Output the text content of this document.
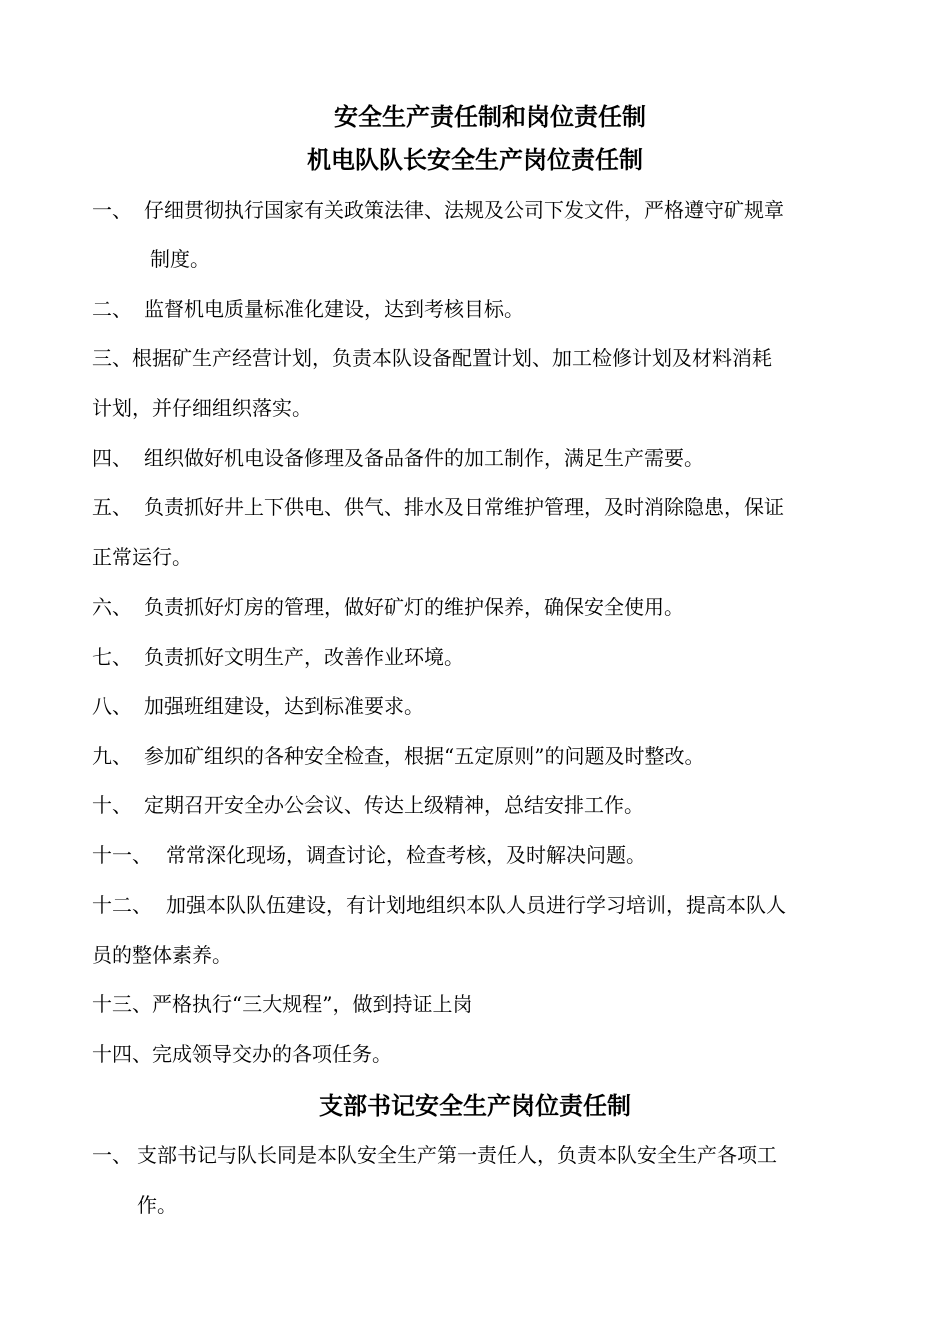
安全生产责任制和岗位责任制
机电队队长安全生产岗位责任制
一、 仔细贯彻执行国家有关政策法律、法规及公司下发文件，严格遵守矿规章
制度。
二、 监督机电质量标准化建设，达到考核目标。
三、根据矿生产经营计划，负责本队设备配置计划、加工检修计划及材料消耗
计划，并仔细组织落实。
四、 组织做好机电设备修理及备品备件的加工制作，满足生产需要。
五、 负责抓好井上下供电、供气、排水及日常维护管理，及时消除隐患，保证
正常运行。
六、 负责抓好灯房的管理，做好矿灯的维护保养，确保安全使用。
七、 负责抓好文明生产，改善作业环境。
八、 加强班组建设，达到标准要求。
九、 参加矿组织的各种安全检查，根据“五定原则”的问题及时整改。
十、 定期召开安全办公会议、传达上级精神，总结安排工作。
十一、 常常深化现场，调查讨论，检查考核，及时解决问题。
十二、 加强本队队伍建设，有计划地组织本队人员进行学习培训，提高本队人
员的整体素养。
十三、严格执行“三大规程”，做到持证上岗
十四、完成领导交办的各项任务。
支部书记安全生产岗位责任制
一、 支部书记与队长同是本队安全生产第一责任人，负责本队安全生产各项工
作。
